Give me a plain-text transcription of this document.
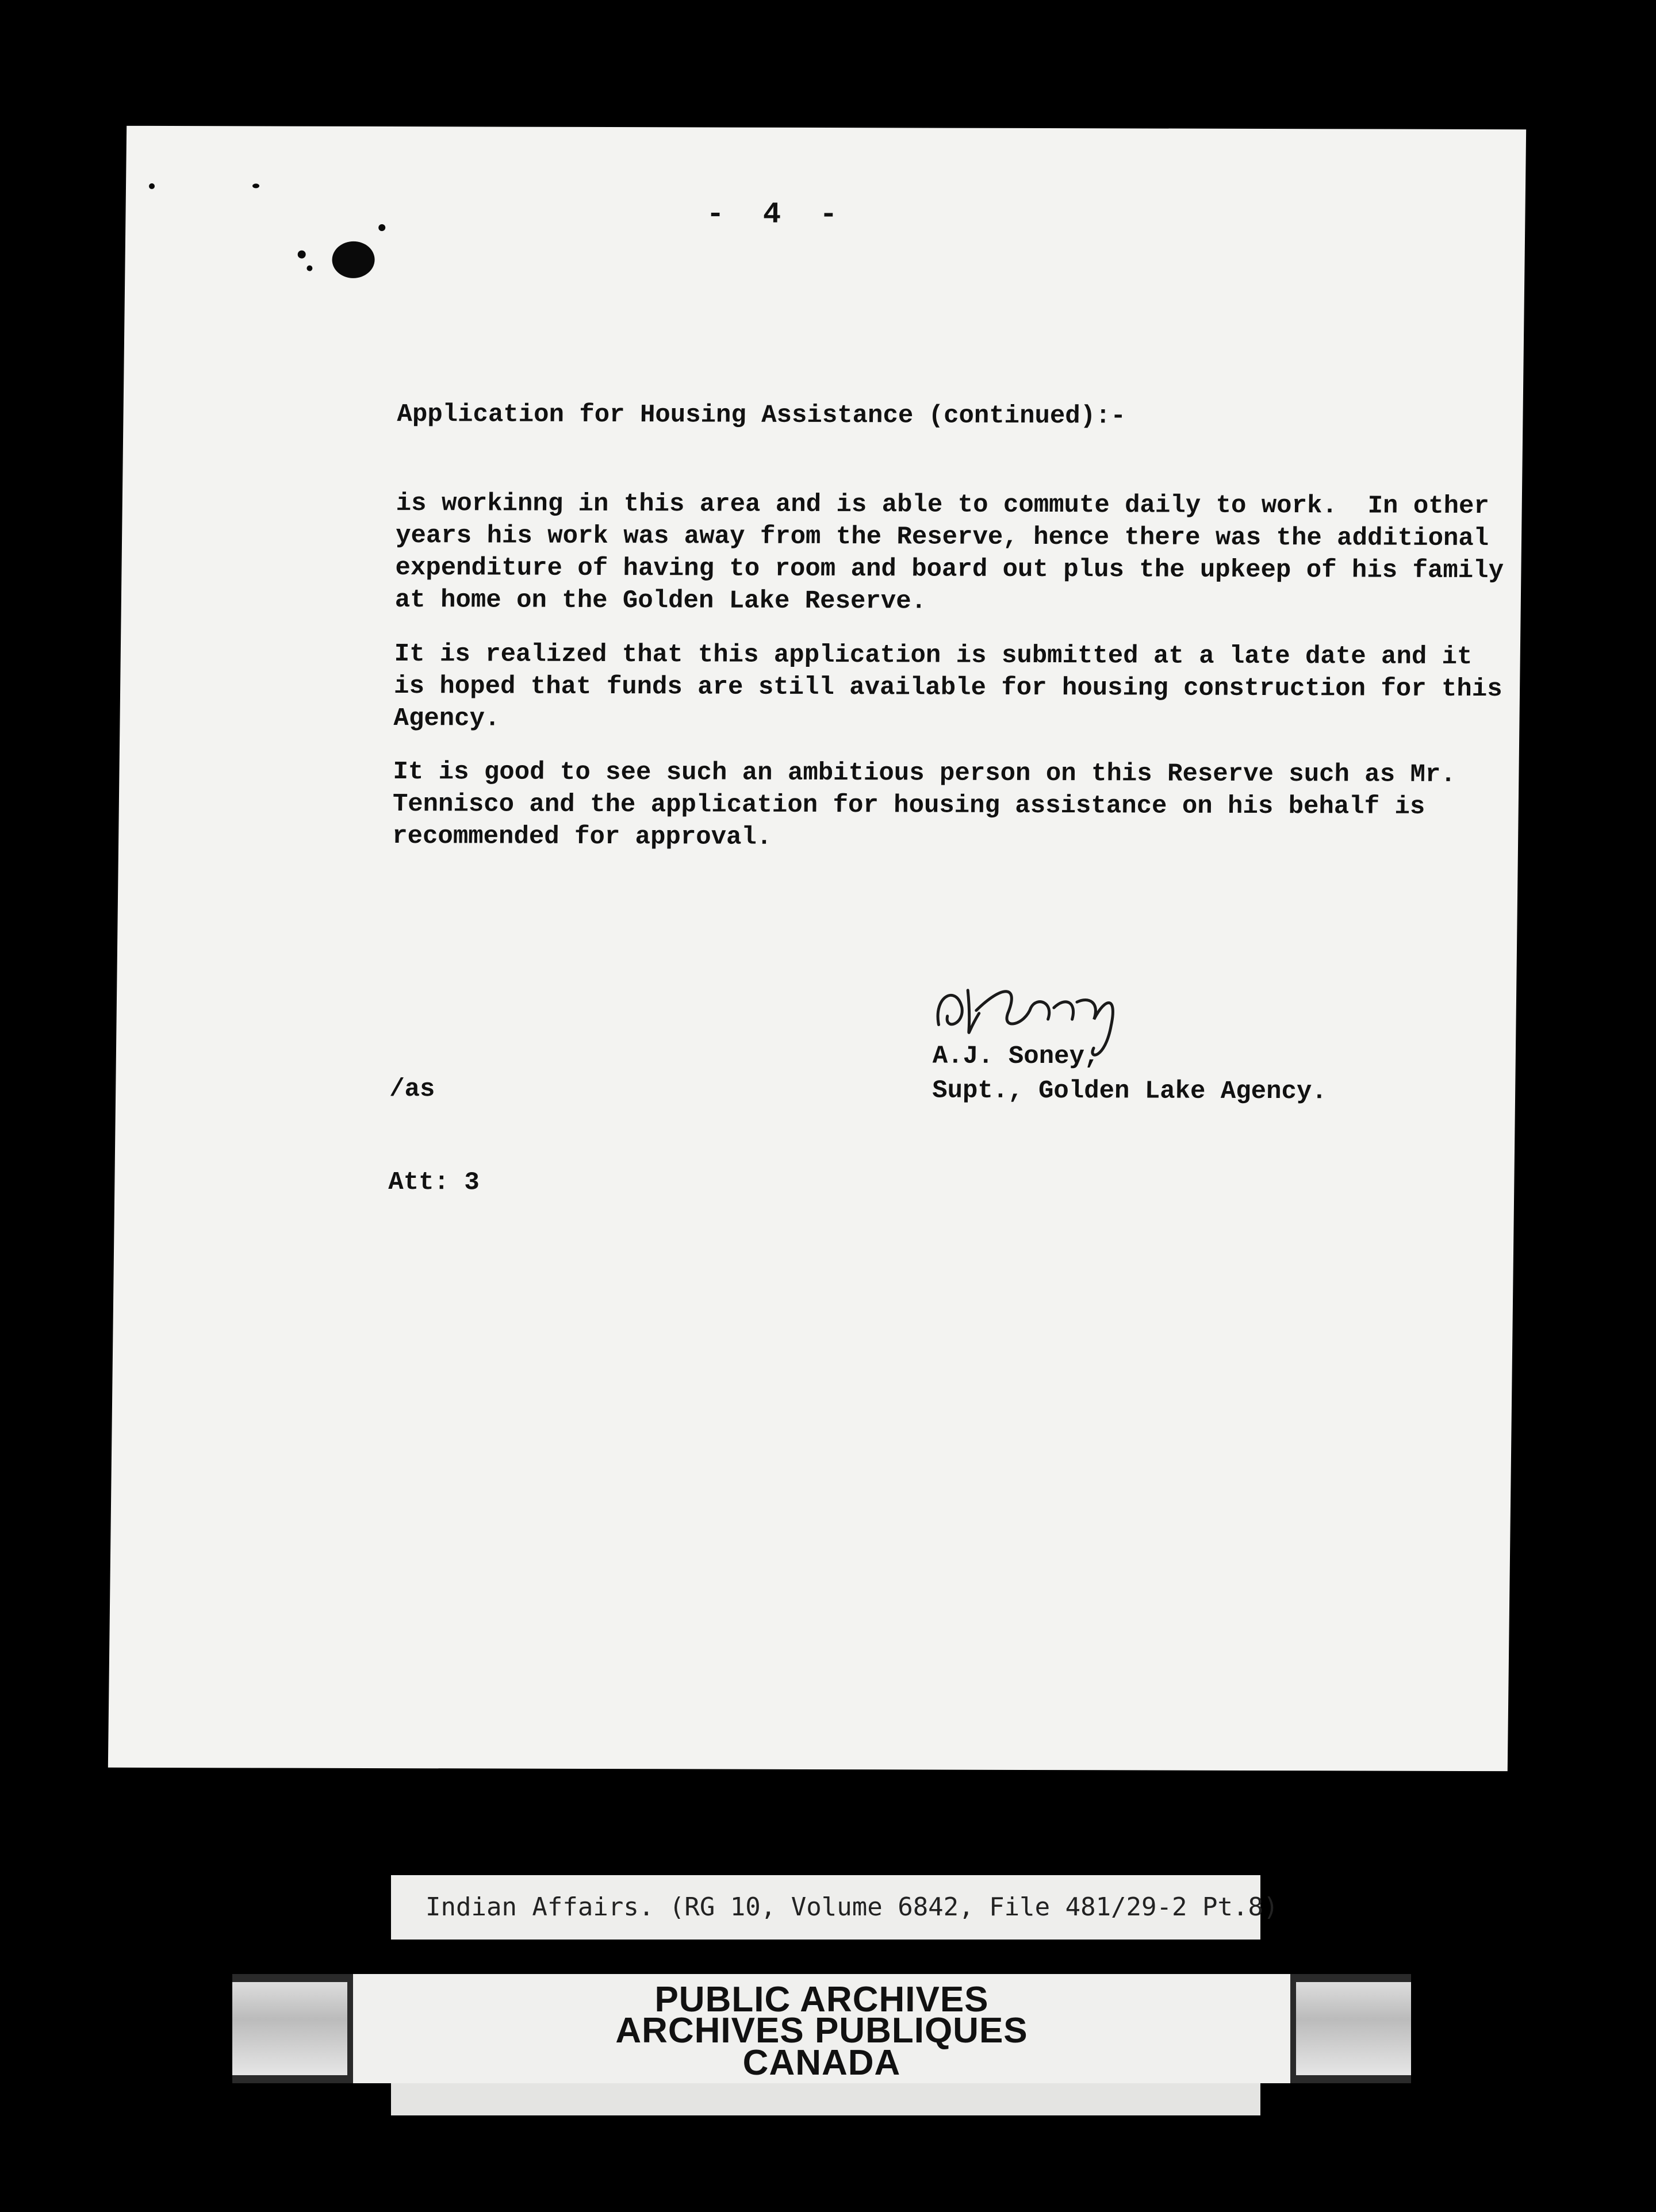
- 4 -
Application for Housing Assistance (continued):-
is workinng in this area and is able to commute daily to work.  In other
years his work was away from the Reserve, hence there was the additional
expenditure of having to room and board out plus the upkeep of his family
at home on the Golden Lake Reserve.
It is realized that this application is submitted at a late date and it
is hoped that funds are still available for housing construction for this
Agency.
It is good to see such an ambitious person on this Reserve such as Mr.
Tennisco and the application for housing assistance on his behalf is
recommended for approval.
A.J. Soney,
Supt., Golden Lake Agency.
/as
Att: 3
Indian Affairs. (RG 10, Volume 6842, File 481/29-2 Pt.8)
PUBLIC ARCHIVES
ARCHIVES PUBLIQUES
CANADA
